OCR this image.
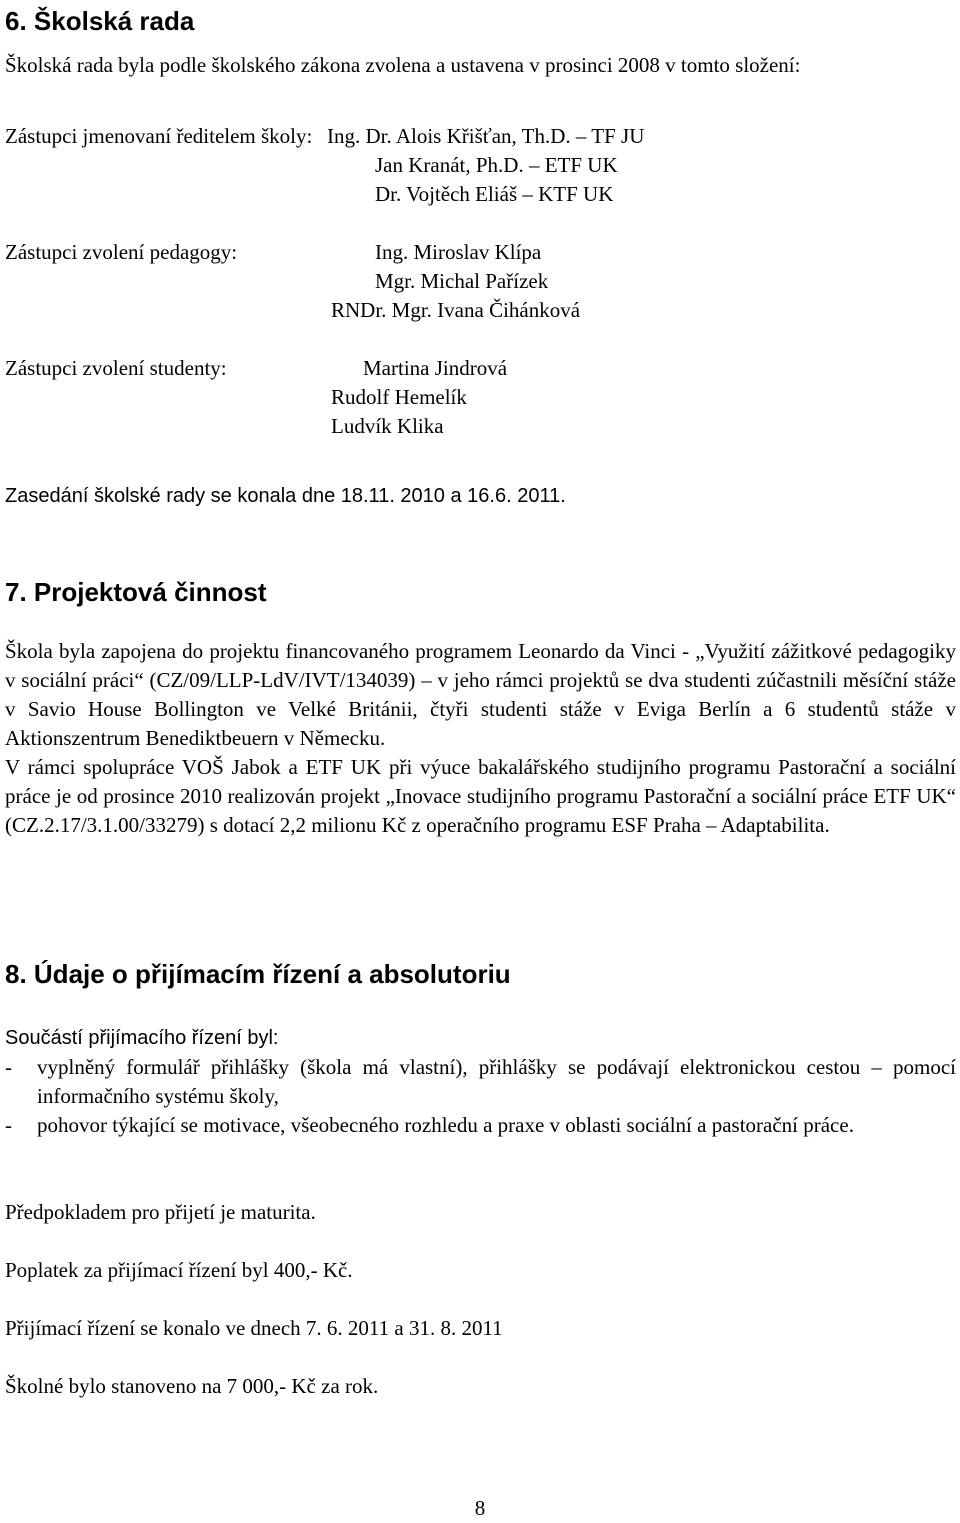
6. Školská rada

Školská rada byla podle školského zákona zvolena a ustavena v prosinci 2008 v tomto složení:

Zástupci jmenovaní ředitelem školy: Ing. Dr. Alois Křišťan, Th.D. – TF JU
Jan Kranát, Ph.D. – ETF UK
Dr. Vojtěch Eliáš – KTF UK
Zástupci zvolení pedagogy:	Ing. Miroslav Klípa
Mgr. Michal Pařízek
RNDr. Mgr. Ivana Čihánková
Zástupci zvolení studenty:	Martina Jindrová
Rudolf Hemelík
Ludvík Klika
Zasedání školské rady se konala dne 18.11. 2010 a 16.6. 2011.
7. Projektová činnost

Škola byla zapojena do projektu financovaného programem Leonardo da Vinci - „Využití zážitkové pedagogiky v sociální práci“ (CZ/09/LLP-LdV/IVT/134039) – v jeho rámci projektů se dva studenti zúčastnili měsíční stáže v Savio House Bollington ve Velké Británii, čtyři studenti stáže v Eviga Berlín a 6 studentů stáže v Aktionszentrum Benediktbeuern v Německu.

V rámci spolupráce VOŠ Jabok a ETF UK při výuce bakalářského studijního programu Pastorační a sociální práce je od prosince 2010 realizován projekt „Inovace studijního programu Pastorační a sociální práce ETF UK“ (CZ.2.17/3.1.00/33279) s dotací 2,2 milionu Kč z operačního programu ESF Praha – Adaptabilita.

8. Údaje o přijímacím řízení a absolutoriu
Součástí přijímacího řízení byl:
- vyplněný formulář přihlášky (škola má vlastní), přihlášky se podávají elektronickou cestou – pomocí informačního systému školy,
- pohovor týkající se motivace, všeobecného rozhledu a praxe v oblasti sociální a pastorační práce.
Předpokladem pro přijetí je maturita.
Poplatek za přijímací řízení byl 400,- Kč.
Přijímací řízení se konalo ve dnech 7. 6. 2011 a 31. 8. 2011
Školné bylo stanoveno na 7 000,- Kč za rok.
8
